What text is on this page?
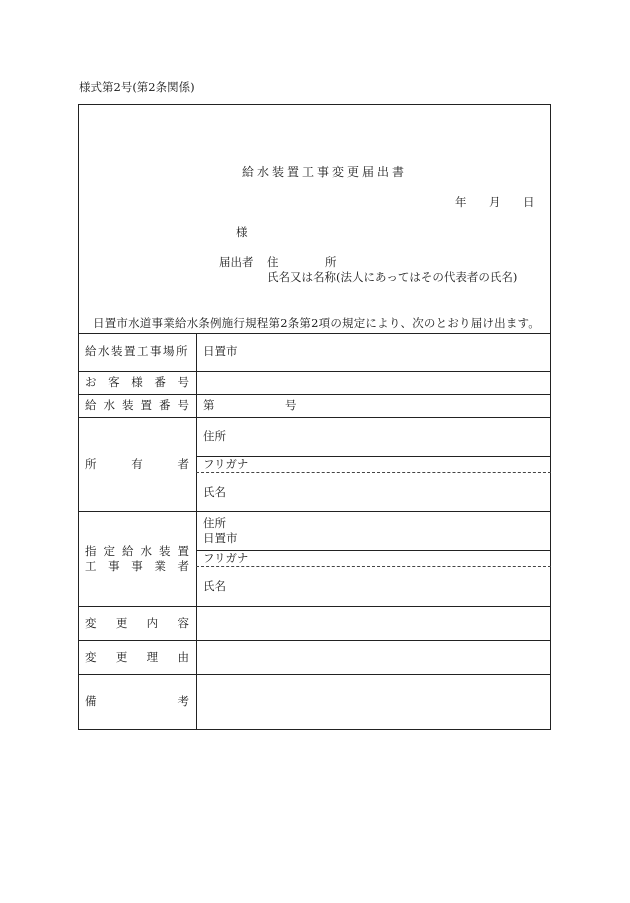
様式第2号(第2条関係)
給水装置工事変更届出書
年 月 日
様
届出者 住	所
氏名又は名称(法人にあってはその代表者の氏名)
日置市水道事業給水条例施行規程第2条第2項の規定により、次のとおり届け出ます。
給水装置工事場所 日置市
お 客 様 番 号
給 水 装 置 番 号 第	号
所	有	者
住所
フリガナ
氏名
指 定 給 水 装 置
工 事 事 業 者
住所
日置市
フリガナ
氏名
変 更 内 容
変 更 理 由
備	考
